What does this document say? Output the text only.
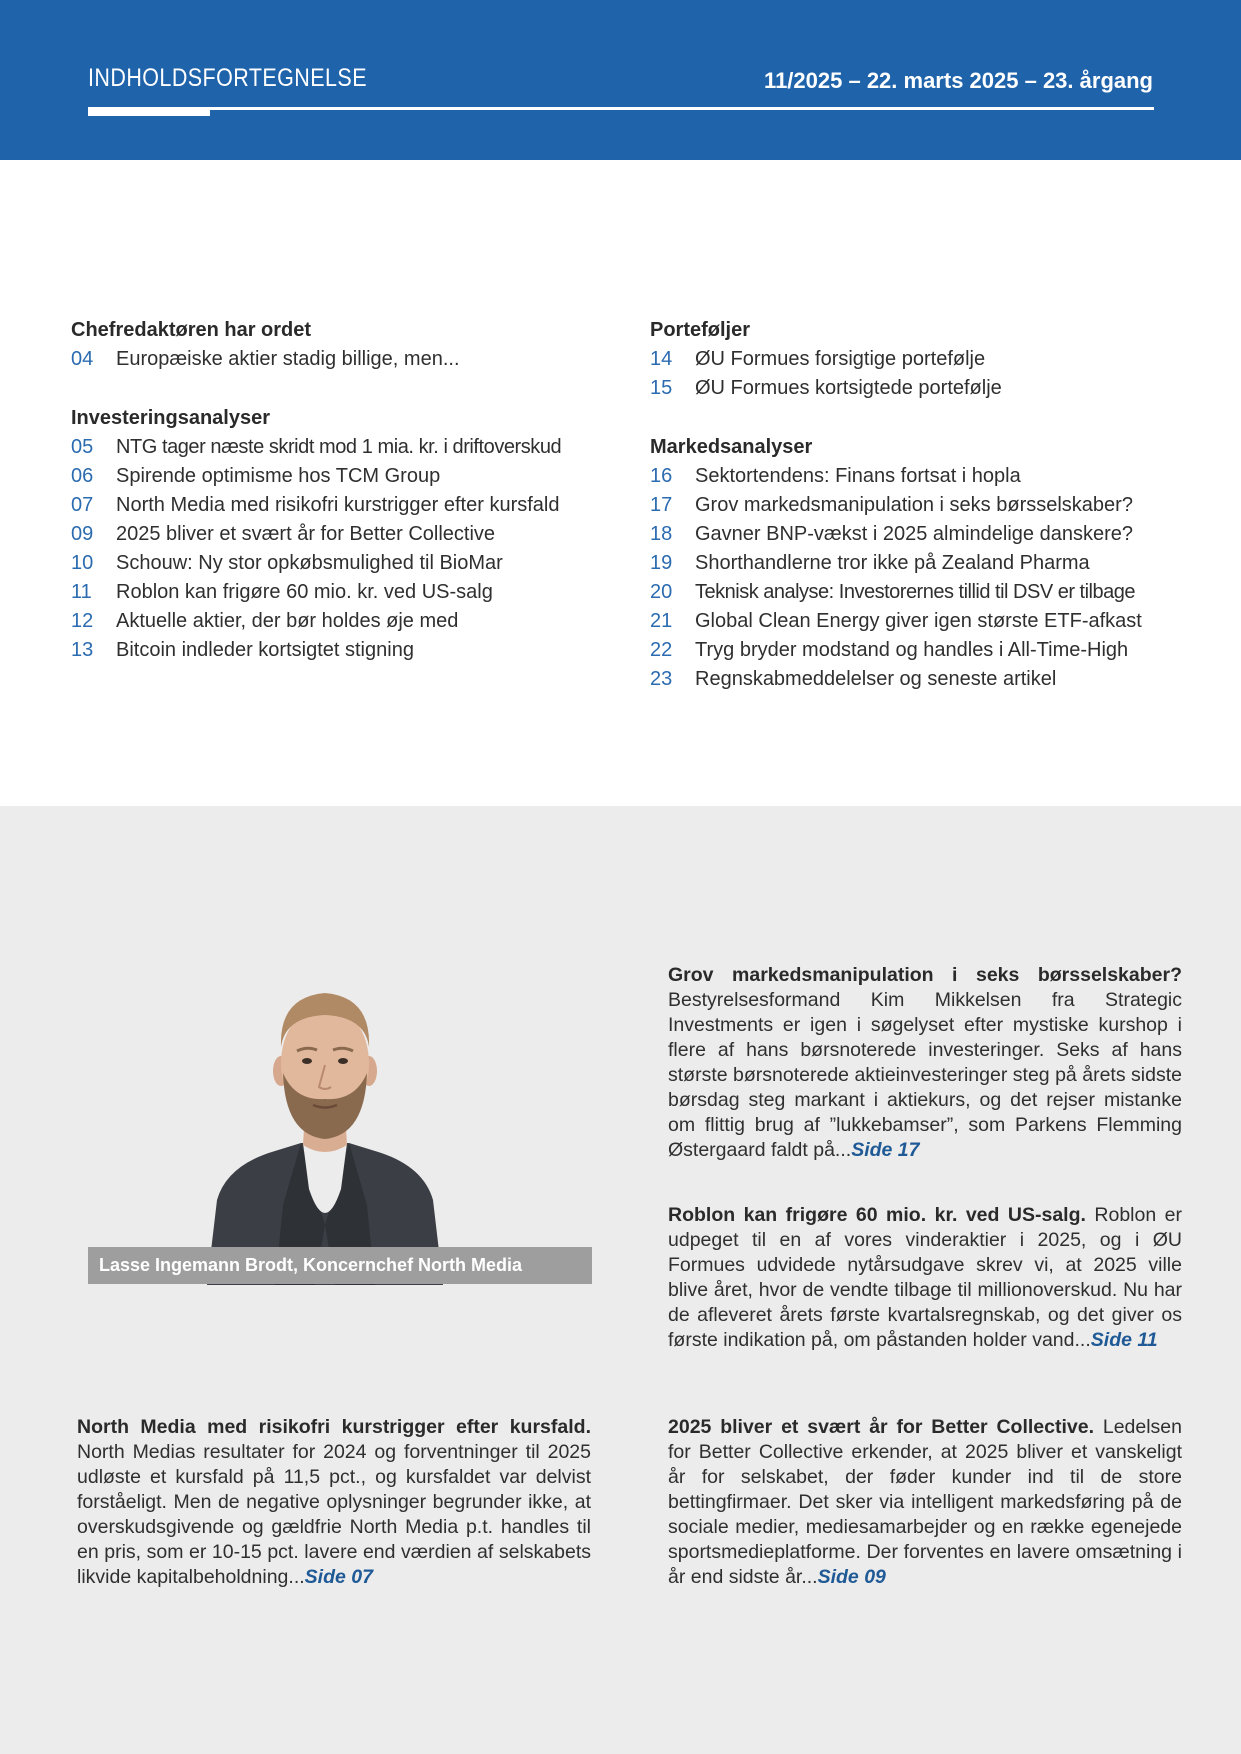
INDHOLDSFORTEGNELSE	11/2025 – 22. marts 2025 – 23. årgang
Chefredaktøren har ordet
04	Europæiske aktier stadig billige, men...
Investeringsanalyser
05	NTG tager næste skridt mod 1 mia. kr. i driftoverskud
06	Spirende optimisme hos TCM Group
07	North Media med risikofri kurstrigger efter kursfald
09	2025 bliver et svært år for Better Collective
10	Schouw: Ny stor opkøbsmulighed til BioMar
11	Roblon kan frigøre 60 mio. kr. ved US-salg
12	Aktuelle aktier, der bør holdes øje med
13	Bitcoin indleder kortsigtet stigning
Porteføljer
14	ØU Formues forsigtige portefølje
15	ØU Formues kortsigtede portefølje
Markedsanalyser
16	Sektortendens: Finans fortsat i hopla
17	Grov markedsmanipulation i seks børsselskaber?
18	Gavner BNP-vækst i 2025 almindelige danskere?
19	Shorthandlerne tror ikke på Zealand Pharma
20	Teknisk analyse: Investorernes tillid til DSV er tilbage
21	Global Clean Energy giver igen største ETF-afkast
22	Tryg bryder modstand og handles i All-Time-High
23	Regnskabmeddelelser og seneste artikel
Lasse Ingemann Brodt, Koncernchef North Media
Grov markedsmanipulation i seks børsselskaber? Bestyrelsesformand Kim Mikkelsen fra Strategic Investments er igen i søgelyset efter mystiske kurshop i flere af hans børsnoterede investeringer. Seks af hans største børsnoterede aktieinvesteringer steg på årets sidste børsdag steg markant i aktiekurs, og det rejser mistanke om flittig brug af ”lukkebamser”, som Parkens Flemming Østergaard faldt på...Side 17
Roblon kan frigøre 60 mio. kr. ved US-salg. Roblon er udpeget til en af vores vinderaktier i 2025, og i ØU Formues udvidede nytårsudgave skrev vi, at 2025 ville blive året, hvor de vendte tilbage til millionoverskud. Nu har de afleveret årets første kvartalsregnskab, og det giver os første indikation på, om påstanden holder vand...Side 11
2025 bliver et svært år for Better Collective. Ledelsen for Better Collective erkender, at 2025 bliver et vanskeligt år for selskabet, der føder kunder ind til de store bettingfirmaer. Det sker via intelligent markedsføring på de sociale medier, mediesamarbejder og en række egenejede sportsmedieplatforme. Der forventes en lavere omsætning i år end sidste år...Side 09
North Media med risikofri kurstrigger efter kursfald. North Medias resultater for 2024 og forventninger til 2025 udløste et kursfald på 11,5 pct., og kursfaldet var delvist forståeligt. Men de negative oplysninger begrunder ikke, at overskudsgivende og gældfrie North Media p.t. handles til en pris, som er 10-15 pct. lavere end værdien af selskabets likvide kapitalbeholdning...Side 07
